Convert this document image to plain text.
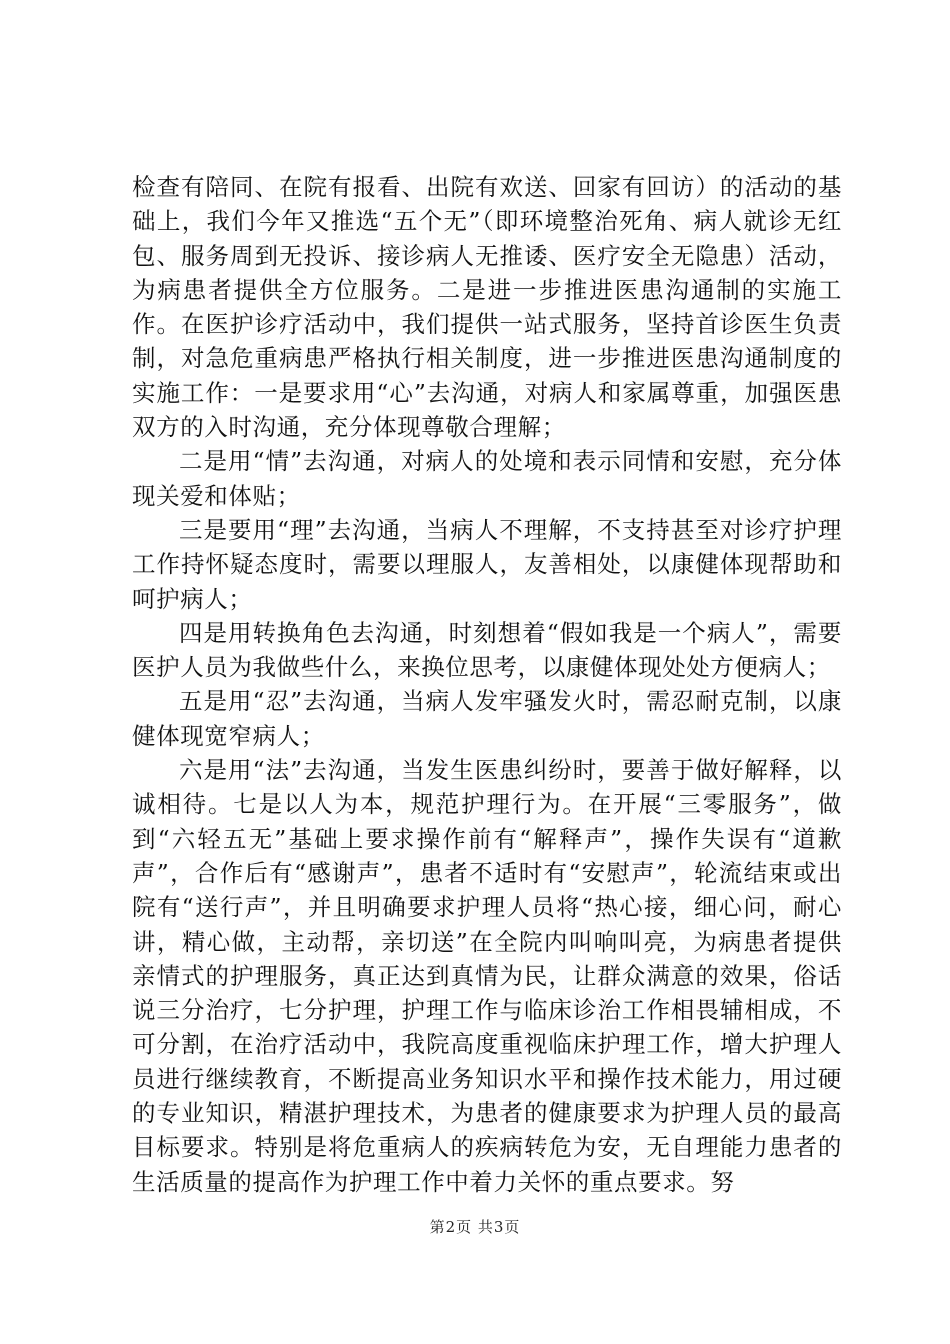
检查有陪同、在院有报看、出院有欢送、回家有回访）的活动的基础上，我们今年又推选“五个无”（即环境整治死角、病人就诊无红包、服务周到无投诉、接诊病人无推诿、医疗安全无隐患）活动，为病患者提供全方位服务。二是进一步推进医患沟通制的实施工作。在医护诊疗活动中，我们提供一站式服务，坚持首诊医生负责制，对急危重病患严格执行相关制度，进一步推进医患沟通制度的实施工作：一是要求用“心”去沟通，对病人和家属尊重，加强医患双方的入时沟通，充分体现尊敬合理解；

二是用“情”去沟通，对病人的处境和表示同情和安慰，充分体现关爱和体贴；

三是要用“理”去沟通，当病人不理解，不支持甚至对诊疗护理工作持怀疑态度时，需要以理服人，友善相处，以康健体现帮助和呵护病人；

四是用转换角色去沟通，时刻想着“假如我是一个病人”，需要医护人员为我做些什么，来换位思考，以康健体现处处方便病人；

五是用“忍”去沟通，当病人发牢骚发火时，需忍耐克制，以康健体现宽窄病人；

六是用“法”去沟通，当发生医患纠纷时，要善于做好解释，以诚相待。七是以人为本，规范护理行为。在开展“三零服务”，做到“六轻五无”基础上要求操作前有“解释声”，操作失误有“道歉声”，合作后有“感谢声”，患者不适时有“安慰声”，轮流结束或出院有“送行声”，并且明确要求护理人员将“热心接，细心问，耐心讲，精心做，主动帮，亲切送”在全院内叫响叫亮，为病患者提供亲情式的护理服务，真正达到真情为民，让群众满意的效果，俗话说三分治疗，七分护理，护理工作与临床诊治工作相畏辅相成，不可分割，在治疗活动中，我院高度重视临床护理工作，增大护理人员进行继续教育，不断提高业务知识水平和操作技术能力，用过硬的专业知识，精湛护理技术，为患者的健康要求为护理人员的最高目标要求。特别是将危重病人的疾病转危为安，无自理能力患者的生活质量的提高作为护理工作中着力关怀的重点要求。努

第2页 共3页
